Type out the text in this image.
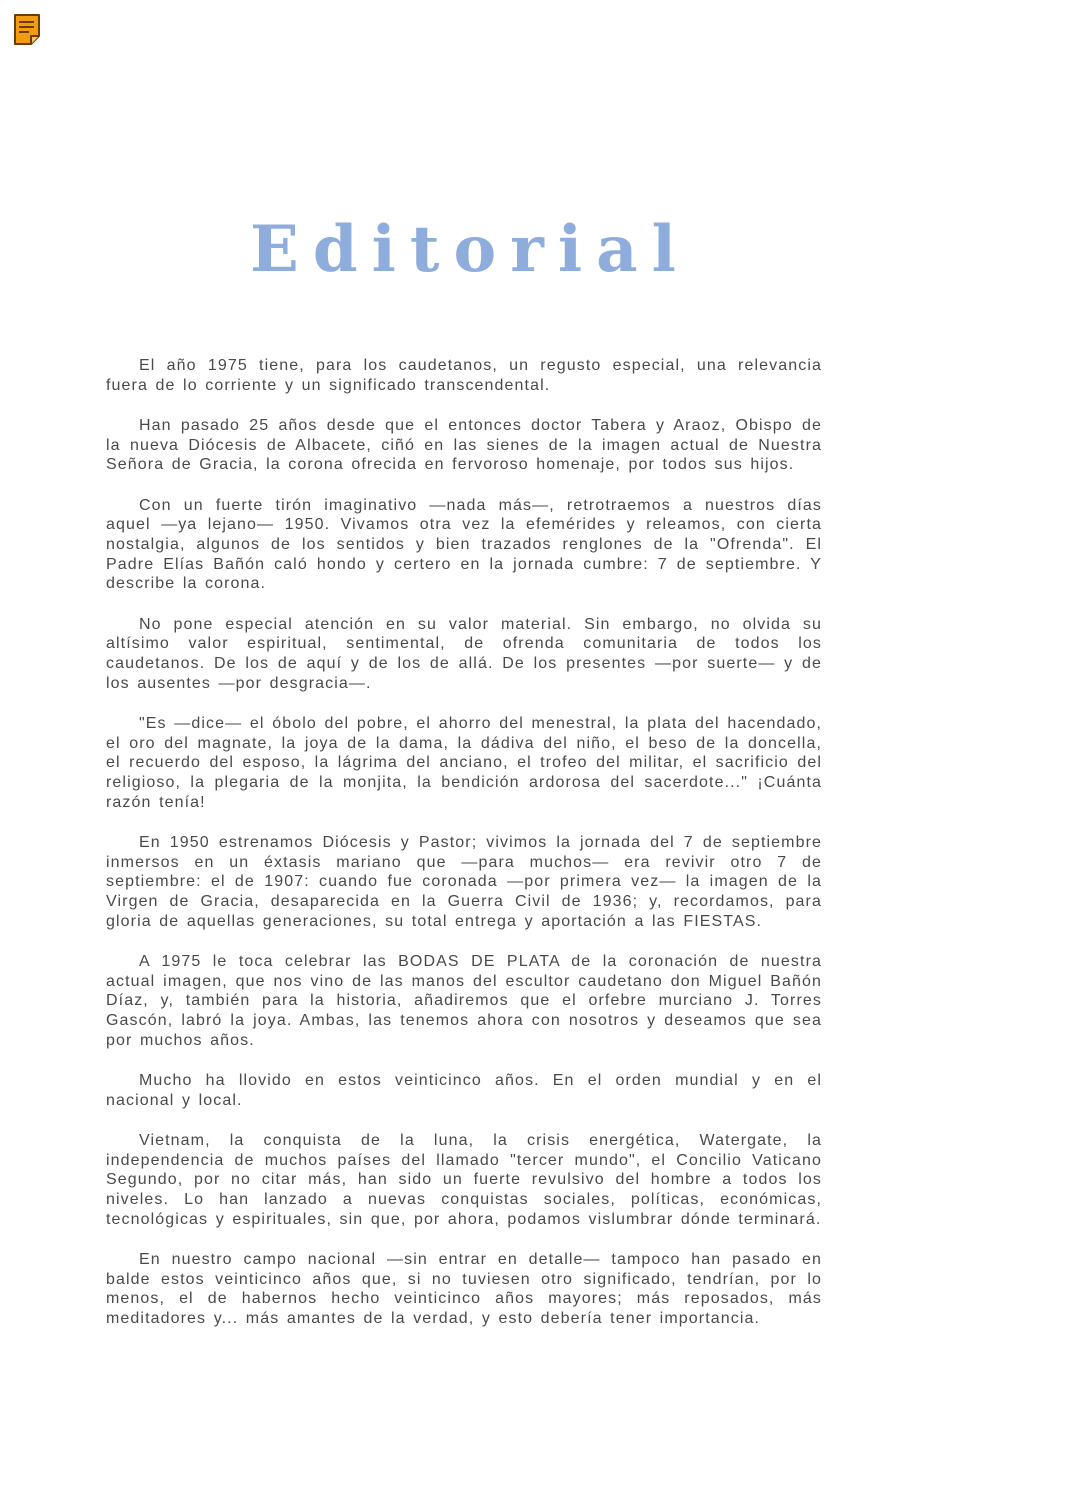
Editorial

El año 1975 tiene, para los caudetanos, un regusto especial, una relevancia fuera de lo corriente y un significado transcendental.

Han pasado 25 años desde que el entonces doctor Tabera y Araoz, Obispo de la nueva Diócesis de Albacete, ciñó en las sienes de la imagen actual de Nuestra Señora de Gracia, la corona ofrecida en fervoroso homenaje, por todos sus hijos.

Con un fuerte tirón imaginativo —nada más—, retrotraemos a nuestros días aquel —ya lejano— 1950. Vivamos otra vez la efemérides y releamos, con cierta nostalgia, algunos de los sentidos y bien trazados renglones de la "Ofrenda". El Padre Elías Bañón caló hondo y certero en la jornada cumbre: 7 de septiembre. Y describe la corona.

No pone especial atención en su valor material. Sin embargo, no olvida su altísimo valor espiritual, sentimental, de ofrenda comunitaria de todos los caudetanos. De los de aquí y de los de allá. De los presentes —por suerte— y de los ausentes —por desgracia—.

"Es —dice— el óbolo del pobre, el ahorro del menestral, la plata del hacendado, el oro del magnate, la joya de la dama, la dádiva del niño, el beso de la doncella, el recuerdo del esposo, la lágrima del anciano, el trofeo del militar, el sacrificio del religioso, la plegaria de la monjita, la bendición ardorosa del sacerdote..." ¡Cuánta razón tenía!

En 1950 estrenamos Diócesis y Pastor; vivimos la jornada del 7 de septiembre inmersos en un éxtasis mariano que —para muchos— era revivir otro 7 de septiembre: el de 1907: cuando fue coronada —por primera vez— la imagen de la Virgen de Gracia, desaparecida en la Guerra Civil de 1936; y, recordamos, para gloria de aquellas generaciones, su total entrega y aportación a las FIESTAS.

A 1975 le toca celebrar las BODAS DE PLATA de la coronación de nuestra actual imagen, que nos vino de las manos del escultor caudetano don Miguel Bañón Díaz, y, también para la historia, añadiremos que el orfebre murciano J. Torres Gascón, labró la joya. Ambas, las tenemos ahora con nosotros y deseamos que sea por muchos años.

Mucho ha llovido en estos veinticinco años. En el orden mundial y en el nacional y local.

Vietnam, la conquista de la luna, la crisis energética, Watergate, la independencia de muchos países del llamado "tercer mundo", el Concilio Vaticano Segundo, por no citar más, han sido un fuerte revulsivo del hombre a todos los niveles. Lo han lanzado a nuevas conquistas sociales, políticas, económicas, tecnológicas y espirituales, sin que, por ahora, podamos vislumbrar dónde terminará.

En nuestro campo nacional —sin entrar en detalle— tampoco han pasado en balde estos veinticinco años que, si no tuviesen otro significado, tendrían, por lo menos, el de habernos hecho veinticinco años mayores; más reposados, más meditadores y... más amantes de la verdad, y esto debería tener importancia.
